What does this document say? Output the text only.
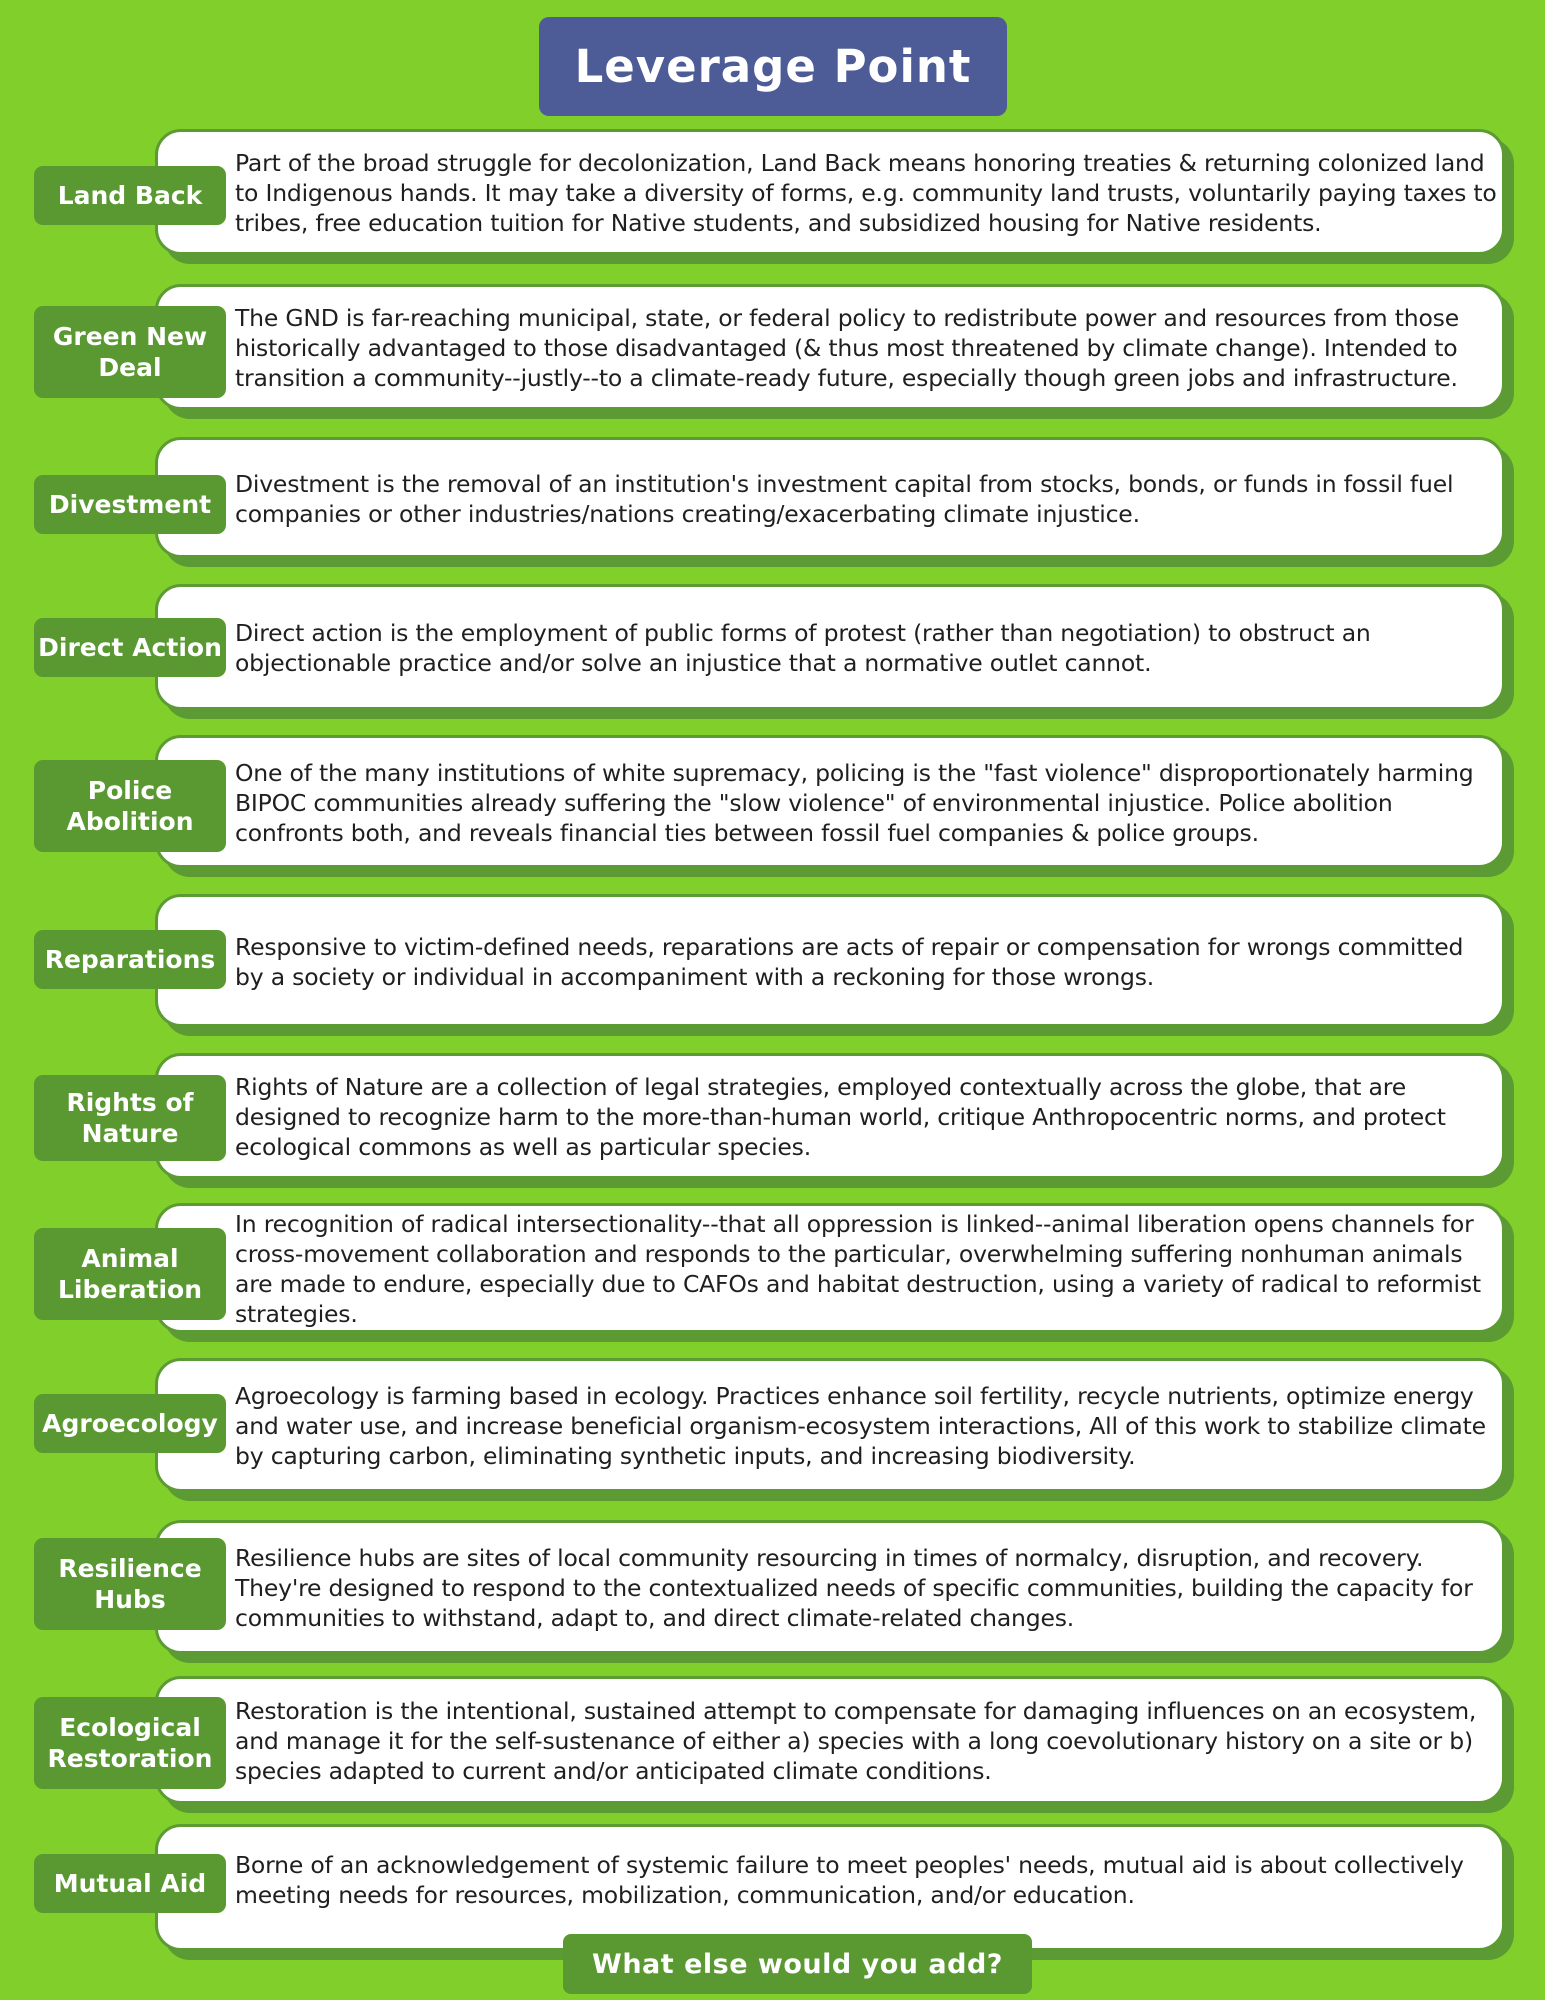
Leverage Point
Part of the broad struggle for decolonization, Land Back means honoring treaties & returning colonized land to Indigenous hands. It may take a diversity of forms, e.g. community land trusts, voluntarily paying taxes to tribes, free education tuition for Native students, and subsidized housing for Native residents.
Land Back
The GND is far-reaching municipal, state, or federal policy to redistribute power and resources from those historically advantaged to those disadvantaged (& thus most threatened by climate change). Intended to transition a community--justly--to a climate-ready future, especially though green jobs and infrastructure.
Green New
Deal
Divestment is the removal of an institution's investment capital from stocks, bonds, or funds in fossil fuel companies or other industries/nations creating/exacerbating climate injustice.
Divestment
Direct action is the employment of public forms of protest (rather than negotiation) to obstruct an objectionable practice and/or solve an injustice that a normative outlet cannot.
Direct Action
One of the many institutions of white supremacy, policing is the "fast violence" disproportionately harming BIPOC communities already suffering the "slow violence" of environmental injustice. Police abolition confronts both, and reveals financial ties between fossil fuel companies & police groups.
Police
Abolition
Responsive to victim-defined needs, reparations are acts of repair or compensation for wrongs committed by a society or individual in accompaniment with a reckoning for those wrongs.
Reparations
Rights of Nature are a collection of legal strategies, employed contextually across the globe, that are designed to recognize harm to the more-than-human world, critique Anthropocentric norms, and protect ecological commons as well as particular species.
Rights of
Nature
In recognition of radical intersectionality--that all oppression is linked--animal liberation opens channels for cross-movement collaboration and responds to the particular, overwhelming suffering nonhuman animals are made to endure, especially due to CAFOs and habitat destruction, using a variety of radical to reformist strategies.
Animal
Liberation
Agroecology is farming based in ecology. Practices enhance soil fertility, recycle nutrients, optimize energy and water use, and increase beneficial organism-ecosystem interactions, All of this work to stabilize climate by capturing carbon, eliminating synthetic inputs, and increasing biodiversity.
Agroecology
Resilience hubs are sites of local community resourcing in times of normalcy, disruption, and recovery. They're designed to respond to the contextualized needs of specific communities, building the capacity for communities to withstand, adapt to, and direct climate-related changes.
Resilience
Hubs
Restoration is the intentional, sustained attempt to compensate for damaging influences on an ecosystem, and manage it for the self-sustenance of either a) species with a long coevolutionary history on a site or b) species adapted to current and/or anticipated climate conditions.
Ecological
Restoration
Borne of an acknowledgement of systemic failure to meet peoples' needs, mutual aid is about collectively meeting needs for resources, mobilization, communication, and/or education.
Mutual Aid
What else would you add?
